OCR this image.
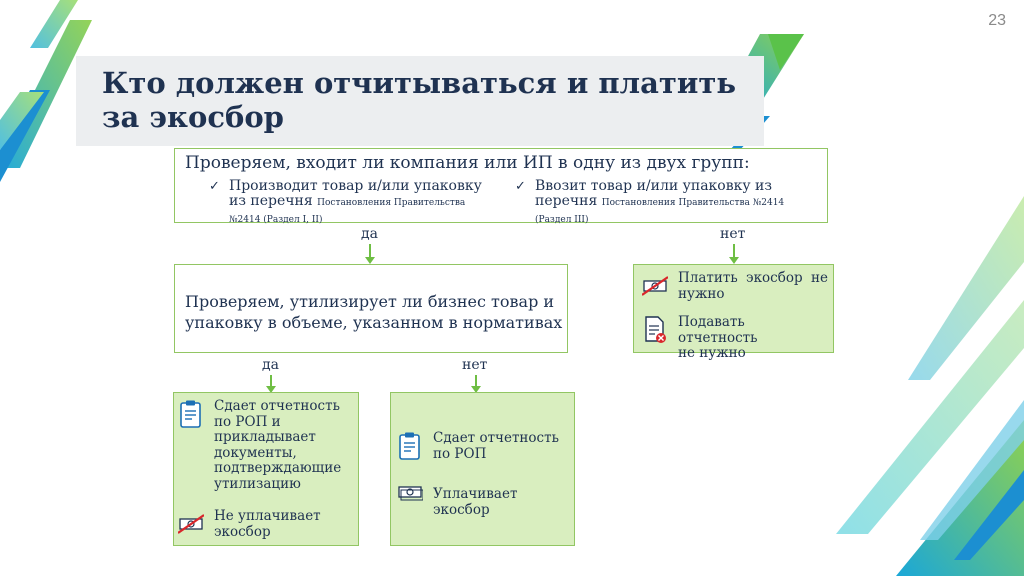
23
Кто должен отчитываться и платить за экосбор
Проверяем, входит ли компания или ИП в одну из двух групп:
✓ Производит товар и/или упаковку из перечня Постановления Правительства №2414 (Раздел I, II)
✓ Ввозит товар и/или упаковку из перечня Постановления Правительства №2414 (Раздел III)
да	нет
Платить экосбор не
нужно
Подавать отчетность
не нужно
Проверяем, утилизирует ли бизнес товар и упаковку в объеме, указанном в нормативах
да	нет
Сдает отчетность по РОП и прикладывает документы, подтверждающие утилизацию
Не уплачивает экосбор
Сдает отчетность по РОП
Уплачивает экосбор
